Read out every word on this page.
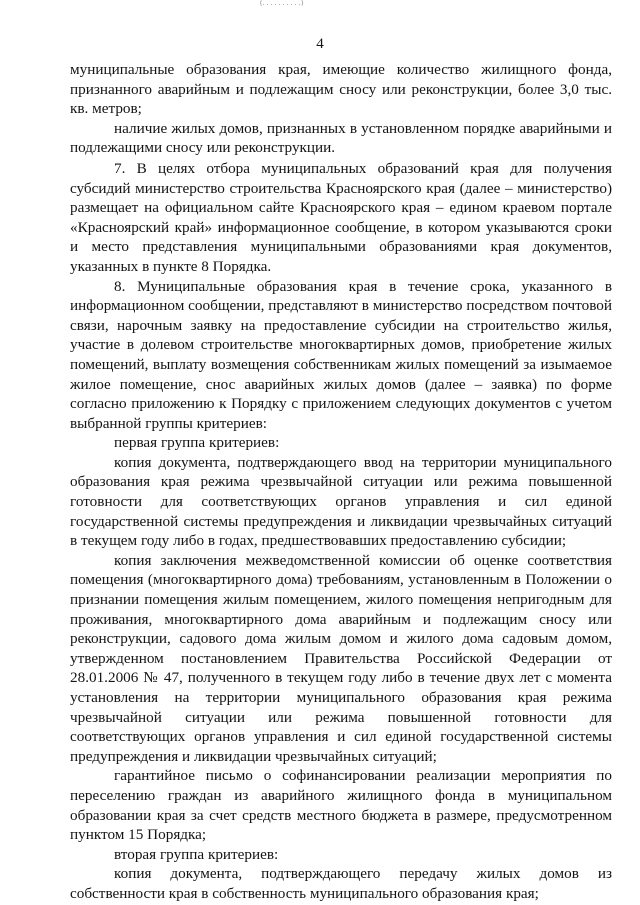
(. . . . . . . . . .)
4

муниципальные образования края, имеющие количество жилищного фонда, признанного аварийным и подлежащим сносу или реконструкции, более 3,0 тыс. кв. метров;

наличие жилых домов, признанных в установленном порядке аварийными и подлежащими сносу или реконструкции.

7. В целях отбора муниципальных образований края для получения субсидий министерство строительства Красноярского края (далее – министерство) размещает на официальном сайте Красноярского края – едином краевом портале «Красноярский край» информационное сообщение, в котором указываются сроки и место представления муниципальными образованиями края документов, указанных в пункте 8 Порядка.

8. Муниципальные образования края в течение срока, указанного в информационном сообщении, представляют в министерство посредством почтовой связи, нарочным заявку на предоставление субсидии на строительство жилья, участие в долевом строительстве многоквартирных домов, приобретение жилых помещений, выплату возмещения собственникам жилых помещений за изымаемое жилое помещение, снос аварийных жилых домов (далее – заявка) по форме согласно приложению к Порядку с приложением следующих документов с учетом выбранной группы критериев:

первая группа критериев:

копия документа, подтверждающего ввод на территории муниципального образования края режима чрезвычайной ситуации или режима повышенной готовности для соответствующих органов управления и сил единой государственной системы предупреждения и ликвидации чрезвычайных ситуаций в текущем году либо в годах, предшествовавших предоставлению субсидии;

копия заключения межведомственной комиссии об оценке соответствия помещения (многоквартирного дома) требованиям, установленным в Положении о признании помещения жилым помещением, жилого помещения непригодным для проживания, многоквартирного дома аварийным и подлежащим сносу или реконструкции, садового дома жилым домом и жилого дома садовым домом, утвержденном постановлением Правительства Российской Федерации от 28.01.2006 № 47, полученного в текущем году либо в течение двух лет с момента установления на территории муниципального образования края режима чрезвычайной ситуации или режима повышенной готовности для соответствующих органов управления и сил единой государственной системы предупреждения и ликвидации чрезвычайных ситуаций;

гарантийное письмо о софинансировании реализации мероприятия по переселению граждан из аварийного жилищного фонда в муниципальном образовании края за счет средств местного бюджета в размере, предусмотренном пунктом 15 Порядка;

вторая группа критериев:

копия документа, подтверждающего передачу жилых домов из собственности края в собственность муниципального образования края;
